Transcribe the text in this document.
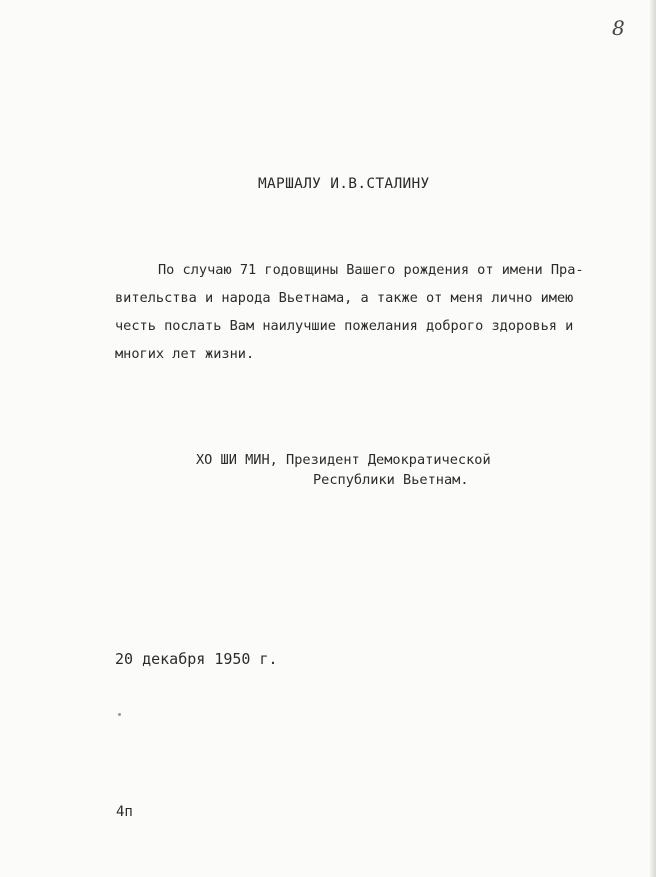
8
МАРШАЛУ И.В.СТАЛИНУ
По случаю 71 годовщины Вашего рождения от имени Пра-
вительства и народа Вьетнама, а также от меня лично имею
честь послать Вам наилучшие пожелания доброго здоровья и
многих лет жизни.
ХО ШИ МИН, Президент Демократической
Республики Вьетнам.
20 декабря 1950 г.
4п
